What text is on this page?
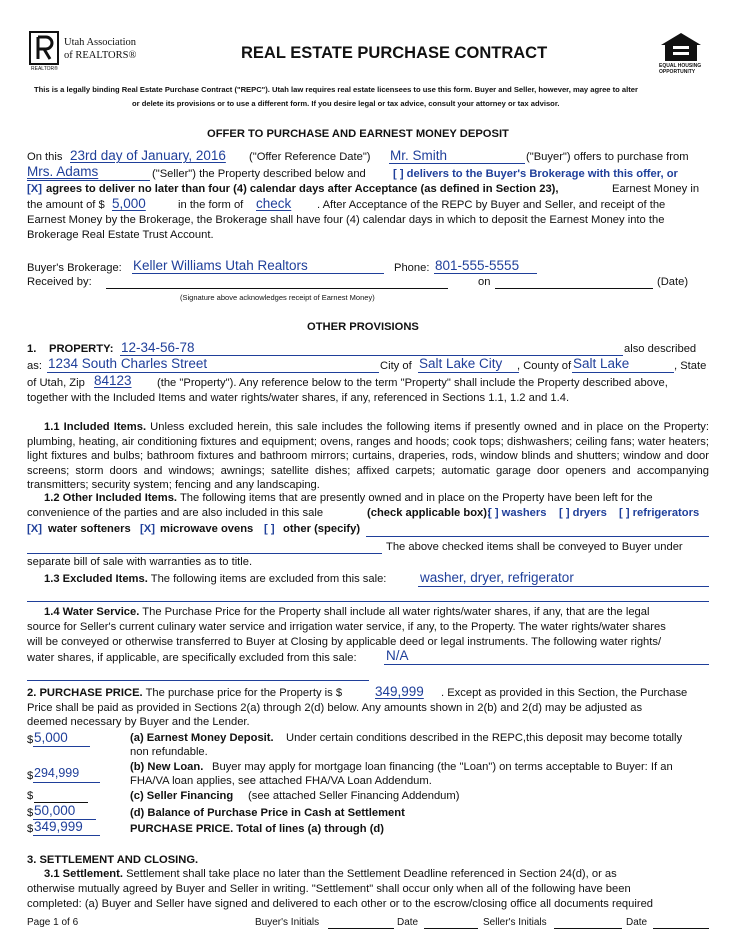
REALTOR®
Utah Association
of REALTORS®	REAL ESTATE PURCHASE CONTRACT
EQUAL HOUSING
OPPORTUNITY
This is a legally binding Real Estate Purchase Contract ("REPC"). Utah law requires real estate licensees to use this form. Buyer and Seller, however, may agree to alter
or delete its provisions or to use a different form. If you desire legal or tax advice, consult your attorney or tax advisor.
OFFER TO PURCHASE AND EARNEST MONEY DEPOSIT
On this 23rd day of January, 2016 ("Offer Reference Date") Mr. Smith	("Buyer") offers to purchase from
Mrs. Adams	("Seller") the Property described below and [ ] delivers to the Buyer's Brokerage with this offer, or
[X] agrees to deliver no later than four (4) calendar days after Acceptance (as defined in Section 23),	Earnest Money in
the amount of $ 5,000	in the form of check . After Acceptance of the REPC by Buyer and Seller, and receipt of the
Earnest Money by the Brokerage, the Brokerage shall have four (4) calendar days in which to deposit the Earnest Money into the
Brokerage Real Estate Trust Account.
Buyer's Brokerage: Keller Williams Utah Realtors	Phone: 801-555-5555
Received by:	on	(Date)
(Signature above acknowledges receipt of Earnest Money)
OTHER PROVISIONS
1. PROPERTY: 12-34-56-78	also described
as: 1234 South Charles Street	City of Salt Lake City , County of Salt Lake	, State
of Utah, Zip 84123 (the "Property"). Any reference below to the term "Property" shall include the Property described above,
together with the Included Items and water rights/water shares, if any, referenced in Sections 1.1, 1.2 and 1.4.
1.1 Included Items. Unless excluded herein, this sale includes the following items if presently owned and in place on the Property: plumbing, heating, air conditioning fixtures and equipment; ovens, ranges and hoods; cook tops; dishwashers; ceiling fans; water heaters; light fixtures and bulbs; bathroom fixtures and bathroom mirrors; curtains, draperies, rods, window blinds and shutters; window and door screens; storm doors and windows; awnings; satellite dishes; affixed carpets; automatic garage door openers and accompanying transmitters; security system; fencing and any landscaping.
1.2 Other Included Items. The following items that are presently owned and in place on the Property have been left for the
convenience of the parties and are also included in this sale	(check applicable box):
[ ] washers [ ] dryers [ ] refrigerators
[X] water softeners [X] microwave ovens [ ] other (specify)
The above checked items shall be conveyed to Buyer under
separate bill of sale with warranties as to title.
1.3 Excluded Items. The following items are excluded from this sale: washer, dryer, refrigerator
1.4 Water Service. The Purchase Price for the Property shall include all water rights/water shares, if any, that are the legal
source for Seller's current culinary water service and irrigation water service, if any, to the Property. The water rights/water shares
will be conveyed or otherwise transferred to Buyer at Closing by applicable deed or legal instruments. The following water rights/
water shares, if applicable, are specifically excluded from this sale: N/A
2. PURCHASE PRICE. The purchase price for the Property is $ 349,999 . Except as provided in this Section, the Purchase
Price shall be paid as provided in Sections 2(a) through 2(d) below. Any amounts shown in 2(b) and 2(d) may be adjusted as
deemed necessary by Buyer and the Lender.
$ 5,000	(a) Earnest Money Deposit. Under certain conditions described in the REPC,this deposit may become totally
non refundable.
$ 294,999	(b) New Loan. Buyer may apply for mortgage loan financing (the "Loan") on terms acceptable to Buyer: If an
FHA/VA loan applies, see attached FHA/VA Loan Addendum.
$	(c) Seller Financing (see attached Seller Financing Addendum)
$ 50,000	(d) Balance of Purchase Price in Cash at Settlement
$ 349,999	PURCHASE PRICE. Total of lines (a) through (d)
3. SETTLEMENT AND CLOSING.
3.1 Settlement. Settlement shall take place no later than the Settlement Deadline referenced in Section 24(d), or as
otherwise mutually agreed by Buyer and Seller in writing. "Settlement" shall occur only when all of the following have been
completed: (a) Buyer and Seller have signed and delivered to each other or to the escrow/closing office all documents required
Page 1 of 6	Buyer's Initials	Date	Seller's Initials	Date
